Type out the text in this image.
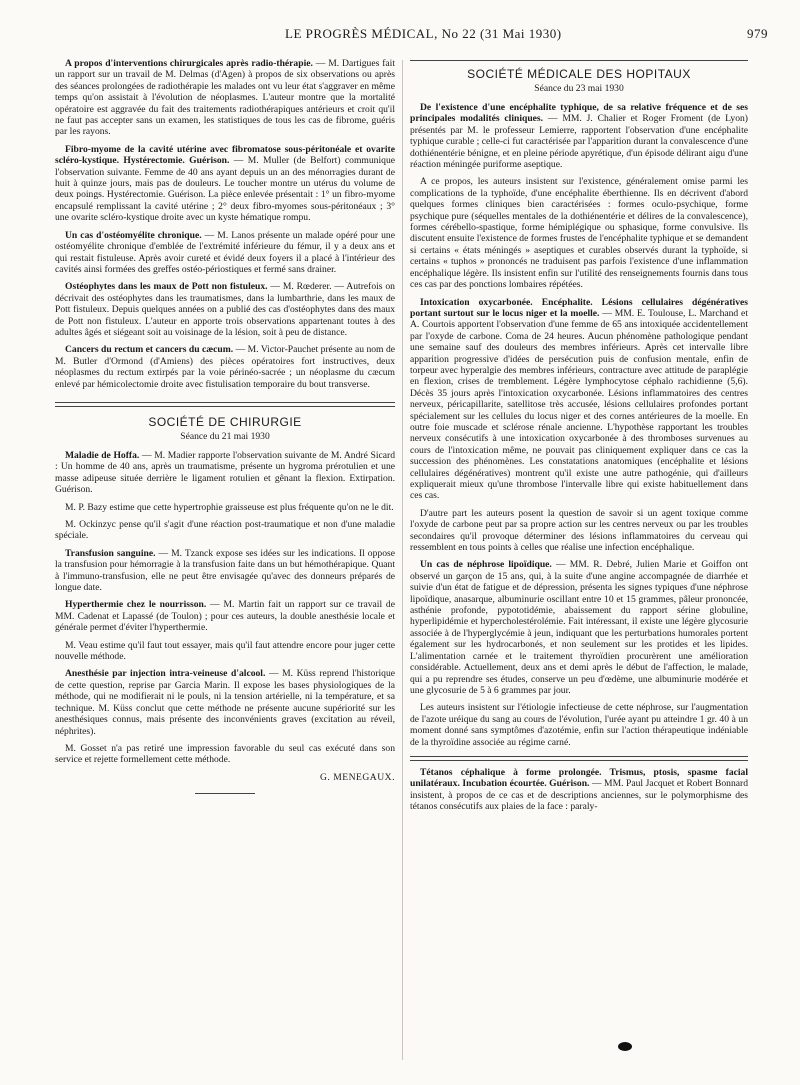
LE PROGRÈS MÉDICAL, No 22 (31 Mai 1930)	979

A propos d'interventions chirurgicales après radio-thérapie. — M. Dartigues fait un rapport sur un travail de M. Delmas (d'Agen) à propos de six observations ou après des séances prolongées de radiothérapie les malades ont vu leur état s'aggraver en même temps qu'on assistait à l'évolution de néoplasmes. L'auteur montre que la mortalité opératoire est aggravée du fait des traitements radiothérapiques antérieurs et croit qu'il ne faut pas accepter sans un examen, les statistiques de tous les cas de fibrome, guéris par les rayons.

Fibro-myome de la cavité utérine avec fibromatose sous-péritonéale et ovarite scléro-kystique. Hystérectomie. Guérison. — M. Muller (de Belfort) communique l'observation suivante. Femme de 40 ans ayant depuis un an des ménorragies durant de huit à quinze jours, mais pas de douleurs. Le toucher montre un utérus du volume de deux poings. Hystérectomie. Guérison. La pièce enlevée présentait : 1° un fibro-myome encapsulé remplissant la cavité utérine ; 2° deux fibro-myomes sous-péritonéaux ; 3° une ovarite scléro-kystique droite avec un kyste hématique rompu.

Un cas d'ostéomyélite chronique. — M. Lanos présente un malade opéré pour une ostéomyélite chronique d'emblée de l'extrémité inférieure du fémur, il y a deux ans et qui restait fistuleuse. Après avoir cureté et évidé deux foyers il a placé à l'intérieur des cavités ainsi formées des greffes ostéo-périostiques et fermé sans drainer.

Ostéophytes dans les maux de Pott non fistuleux. — M. Rœderer. — Autrefois on décrivait des ostéophytes dans les traumatismes, dans la lumbarthrie, dans les maux de Pott fistuleux. Depuis quelques années on a publié des cas d'ostéophytes dans des maux de Pott non fistuleux. L'auteur en apporte trois observations appartenant toutes à des adultes âgés et siégeant soit au voisinage de la lésion, soit à peu de distance.

Cancers du rectum et cancers du cæcum. — M. Victor-Pauchet présente au nom de M. Butler d'Ormond (d'Amiens) des pièces opératoires fort instructives, deux néoplasmes du rectum extirpés par la voie périnéo-sacrée ; un néoplasme du cæcum enlevé par hémicolectomie droite avec fistulisation temporaire du bout transverse.

SOCIÉTÉ DE CHIRURGIE
Séance du 21 mai 1930

Maladie de Hoffa. — M. Madier rapporte l'observation suivante de M. André Sicard : Un homme de 40 ans, après un traumatisme, présente un hygroma prérotulien et une masse adipeuse située derrière le ligament rotulien et gênant la flexion. Extirpation. Guérison.

M. P. Bazy estime que cette hypertrophie graisseuse est plus fréquente qu'on ne le dit.

M. Ockinzyc pense qu'il s'agit d'une réaction post-traumatique et non d'une maladie spéciale.

Transfusion sanguine. — M. Tzanck expose ses idées sur les indications. Il oppose la transfusion pour hémorragie à la transfusion faite dans un but hémothérapique. Quant à l'immuno-transfusion, elle ne peut être envisagée qu'avec des donneurs préparés de longue date.

Hyperthermie chez le nourrisson. — M. Martin fait un rapport sur ce travail de MM. Cadenat et Lapassé (de Toulon) ; pour ces auteurs, la double anesthésie locale et générale permet d'éviter l'hyperthermie.

M. Veau estime qu'il faut tout essayer, mais qu'il faut attendre encore pour juger cette nouvelle méthode.

Anesthésie par injection intra-veineuse d'alcool. — M. Küss reprend l'historique de cette question, reprise par Garcia Marin. Il expose les bases physiologiques de la méthode, qui ne modifierait ni le pouls, ni la tension artérielle, ni la température, et sa technique. M. Küss conclut que cette méthode ne présente aucune supériorité sur les anesthésiques connus, mais présente des inconvénients graves (excitation au réveil, néphrites).

M. Gosset n'a pas retiré une impression favorable du seul cas exécuté dans son service et rejette formellement cette méthode.

G. MENEGAUX.
SOCIÉTÉ MÉDICALE DES HOPITAUX
Séance du 23 mai 1930

De l'existence d'une encéphalite typhique, de sa relative fréquence et de ses principales modalités cliniques. — MM. J. Chalier et Roger Froment (de Lyon) présentés par M. le professeur Lemierre, rapportent l'observation d'une encéphalite typhique curable ; celle-ci fut caractérisée par l'apparition durant la convalescence d'une dothiénentérie bénigne, et en pleine période apyrétique, d'un épisode délirant aigu d'une réaction méningée puriforme aseptique.

A ce propos, les auteurs insistent sur l'existence, généralement omise parmi les complications de la typhoïde, d'une encéphalite éberthienne. Ils en décrivent d'abord quelques formes cliniques bien caractérisées : formes oculo-psychique, forme psychique pure (séquelles mentales de la dothiénentérie et délires de la convalescence), formes cérébello-spastique, forme hémiplégique ou sphasique, forme convulsive. Ils discutent ensuite l'existence de formes frustes de l'encéphalite typhique et se demandent si certains « états méningés » aseptiques et curables observés durant la typhoïde, si certains « tuphos » prononcés ne traduisent pas parfois l'existence d'une inflammation encéphalique légère. Ils insistent enfin sur l'utilité des renseignements fournis dans tous ces cas par des ponctions lombaires répétées.

Intoxication oxycarbonée. Encéphalite. Lésions cellulaires dégénératives portant surtout sur le locus niger et la moelle. — MM. E. Toulouse, L. Marchand et A. Courtois apportent l'observation d'une femme de 65 ans intoxiquée accidentellement par l'oxyde de carbone. Coma de 24 heures. Aucun phénomène pathologique pendant une semaine sauf des douleurs des membres inférieurs. Après cet intervalle libre apparition progressive d'idées de persécution puis de confusion mentale, enfin de torpeur avec hyperalgie des membres inférieurs, contracture avec attitude de paraplégie en flexion, crises de tremblement. Légère lymphocytose céphalo rachidienne (5,6). Décès 35 jours après l'intoxication oxycarbonée. Lésions inflammatoires des centres nerveux, péricapillarite, satellitose très accusée, lésions cellulaires profondes portant spécialement sur les cellules du locus niger et des cornes antérieures de la moelle. En outre foie muscade et sclérose rénale ancienne. L'hypothèse rapportant les troubles nerveux consécutifs à une intoxication oxycarbonée à des thromboses survenues au cours de l'intoxication même, ne pouvait pas cliniquement expliquer dans ce cas la succession des phénomènes. Les constatations anatomiques (encéphalite et lésions cellulaires dégénératives) montrent qu'il existe une autre pathogénie, qui d'ailleurs expliquerait mieux qu'une thrombose l'intervalle libre qui existe habituellement dans ces cas.

D'autre part les auteurs posent la question de savoir si un agent toxique comme l'oxyde de carbone peut par sa propre action sur les centres nerveux ou par les troubles secondaires qu'il provoque déterminer des lésions inflammatoires du cerveau qui ressemblent en tous points à celles que réalise une infection encéphalique.

Un cas de néphrose lipoïdique. — MM. R. Debré, Julien Marie et Goiffon ont observé un garçon de 15 ans, qui, à la suite d'une angine accompagnée de diarrhée et suivie d'un état de fatigue et de dépression, présenta les signes typiques d'une néphrose lipoïdique, anasarque, albuminurie oscillant entre 10 et 15 grammes, pâleur prononcée, asthénie profonde, pypototidémie, abaissement du rapport sérine globuline, hyperlipidémie et hypercholestérolémie. Fait intéressant, il existe une légère glycosurie associée à de l'hyperglycémie à jeun, indiquant que les perturbations humorales portent également sur les hydrocarbonés, et non seulement sur les protides et les lipides. L'alimentation carnée et le traitement thyroïdien procurèrent une amélioration considérable. Actuellement, deux ans et demi après le début de l'affection, le malade, qui a pu reprendre ses études, conserve un peu d'œdème, une albuminurie modérée et une glycosurie de 5 à 6 grammes par jour.

Les auteurs insistent sur l'étiologie infectieuse de cette néphrose, sur l'augmentation de l'azote uréique du sang au cours de l'évolution, l'urée ayant pu atteindre 1 gr. 40 à un moment donné sans symptômes d'azotémie, enfin sur l'action thérapeutique indéniable de la thyroïdine associée au régime carné.

Tétanos céphalique à forme prolongée. Trismus, ptosis, spasme facial unilatéraux. Incubation écourtée. Guérison. — MM. Paul Jacquet et Robert Bonnard insistent, à propos de ce cas et de descriptions anciennes, sur le polymorphisme des tétanos consécutifs aux plaies de la face : paraly-
